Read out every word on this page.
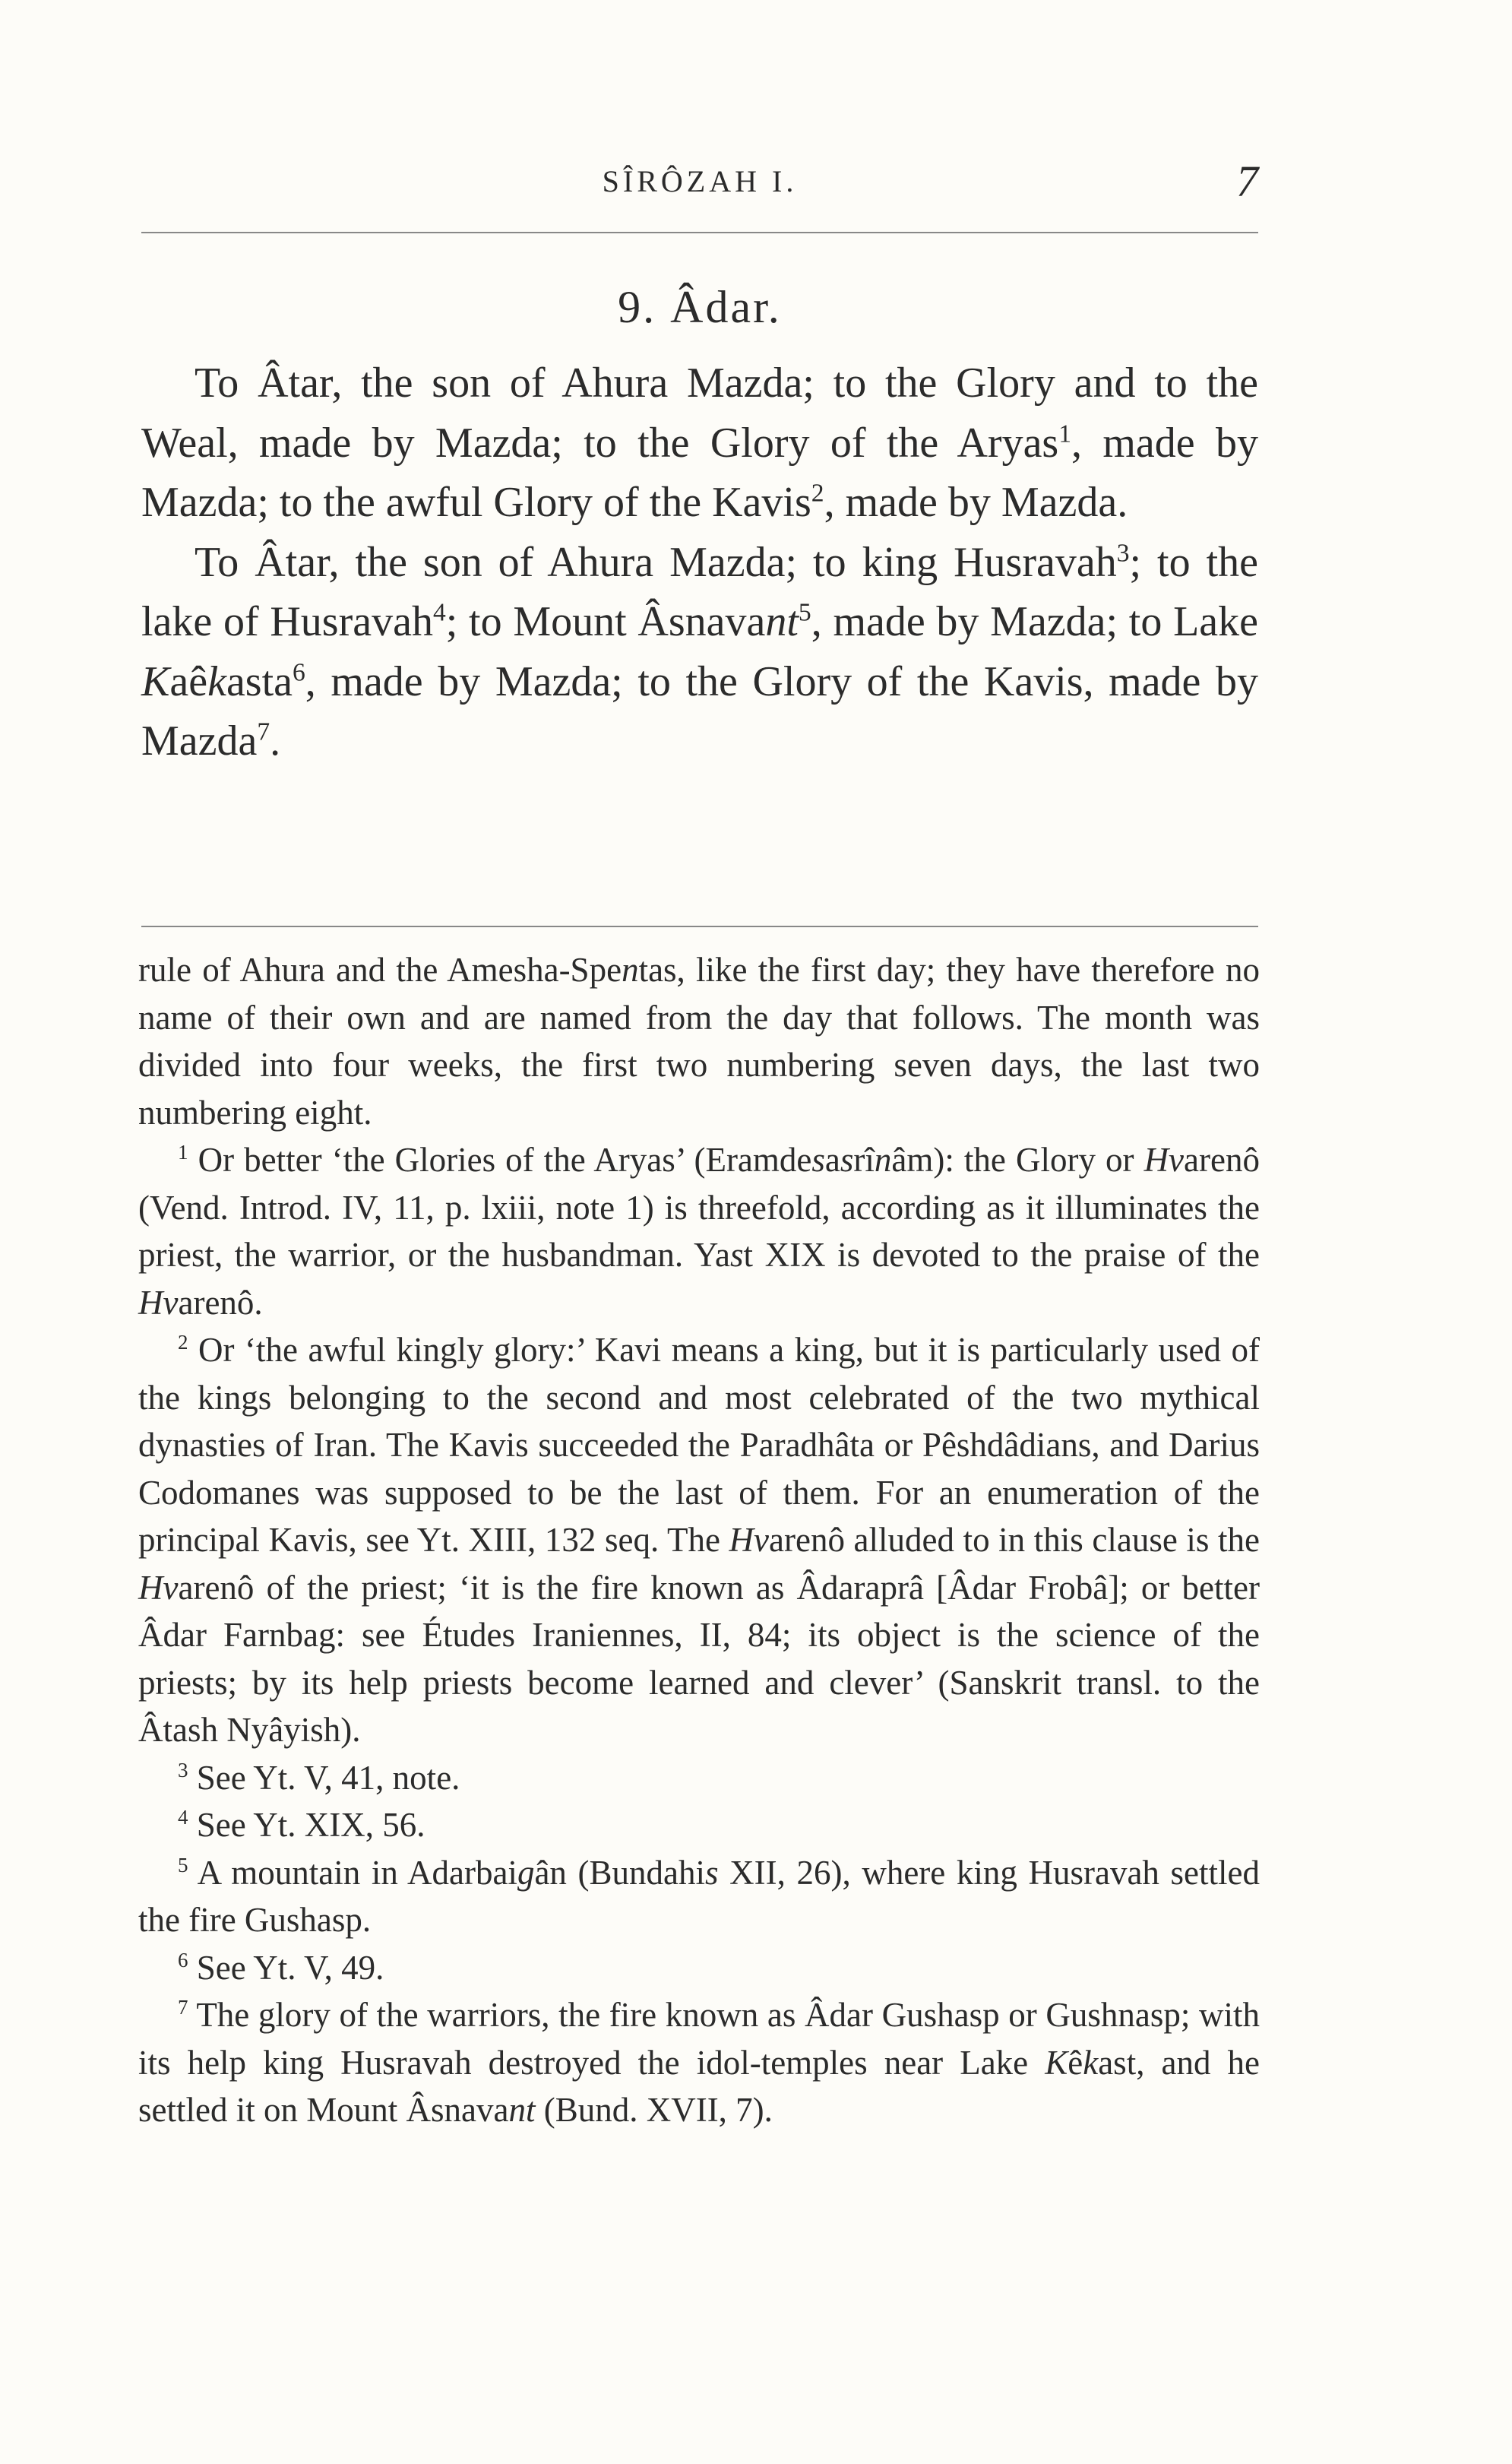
SÎRÔZAH I.	7
9. Âdar.

To Âtar, the son of Ahura Mazda; to the Glory and to the Weal, made by Mazda; to the Glory of the Aryas$^1$, made by Mazda; to the awful Glory of the Kavis$^2$, made by Mazda.

To Âtar, the son of Ahura Mazda; to king Husravah$^3$; to the lake of Husravah$^4$; to Mount Âsnavant$^5$, made by Mazda; to Lake Kaêkasta$^6$, made by Mazda; to the Glory of the Kavis, made by Mazda$^7$.

rule of Ahura and the Amesha-Spentas, like the first day; they have therefore no name of their own and are named from the day that follows. The month was divided into four weeks, the first two numbering seven days, the last two numbering eight.

$^1$ Or better ‘the Glories of the Aryas’ (Eramdesasrînâm): the Glory or Hvarenô (Vend. Introd. IV, 11, p. lxiii, note 1) is threefold, according as it illuminates the priest, the warrior, or the husbandman. Yast XIX is devoted to the praise of the Hvarenô.

$^2$ Or ‘the awful kingly glory:’ Kavi means a king, but it is particularly used of the kings belonging to the second and most celebrated of the two mythical dynasties of Iran. The Kavis succeeded the Paradhâta or Pêshdâdians, and Darius Codomanes was supposed to be the last of them. For an enumeration of the principal Kavis, see Yt. XIII, 132 seq. The Hvarenô alluded to in this clause is the Hvarenô of the priest; ‘it is the fire known as Âdaraprâ [Âdar Frobâ]; or better Âdar Farnbag: see Études Iraniennes, II, 84; its object is the science of the priests; by its help priests become learned and clever’ (Sanskrit transl. to the Âtash Nyâyish).

$^3$ See Yt. V, 41, note.

$^4$ See Yt. XIX, 56.

$^5$ A mountain in Adarbaigân (Bundahis XII, 26), where king Husravah settled the fire Gushasp.

$^6$ See Yt. V, 49.

$^7$ The glory of the warriors, the fire known as Âdar Gushasp or Gushnasp; with its help king Husravah destroyed the idol-temples near Lake Kêkast, and he settled it on Mount Âsnavant (Bund. XVII, 7).
